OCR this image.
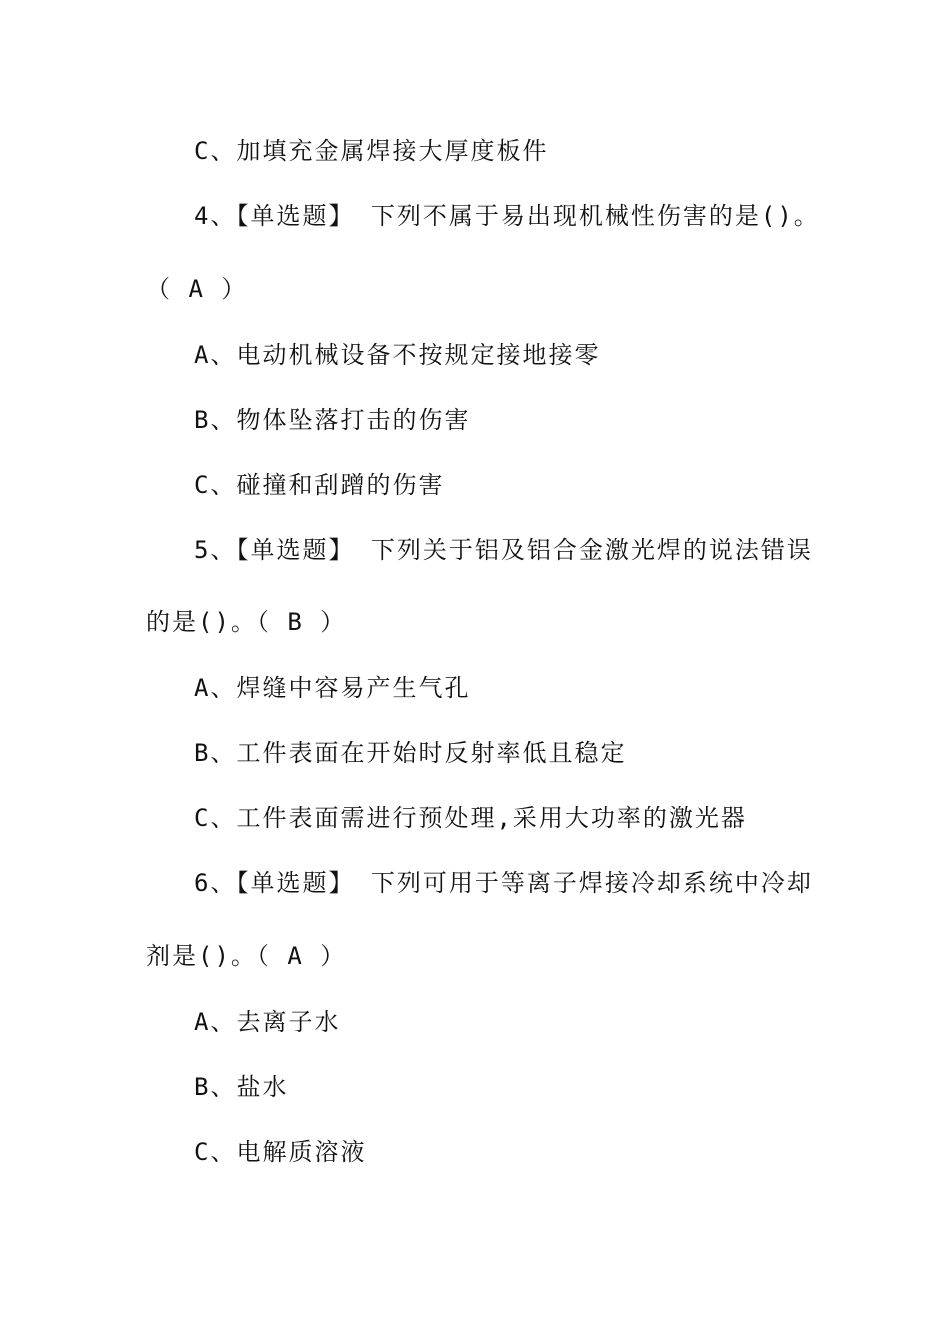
C、加填充金属焊接大厚度板件
4、【单选题】 下列不属于易出现机械性伤害的是()。
（ A ）
A、电动机械设备不按规定接地接零
B、物体坠落打击的伤害
C、碰撞和刮蹭的伤害
5、【单选题】 下列关于铝及铝合金激光焊的说法错误
的是()。（ B ）
A、焊缝中容易产生气孔
B、工件表面在开始时反射率低且稳定
C、工件表面需进行预处理,采用大功率的激光器
6、【单选题】 下列可用于等离子焊接冷却系统中冷却
剂是()。（ A ）
A、去离子水
B、盐水
C、电解质溶液
